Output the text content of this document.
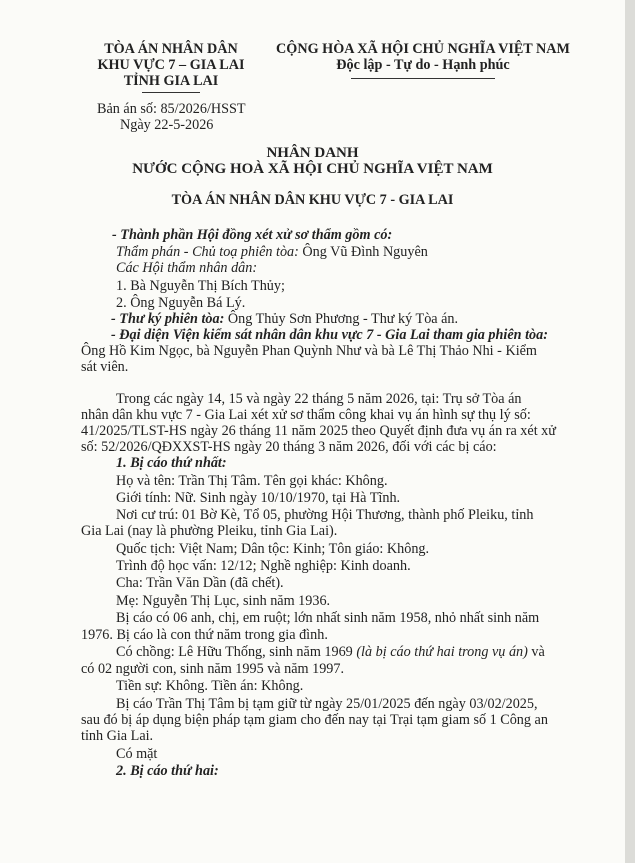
TÒA ÁN NHÂN DÂN
KHU VỰC 7 – GIA LAI
TỈNH GIA LAI
CỘNG HÒA XÃ HỘI CHỦ NGHĨA VIỆT NAM
Độc lập - Tự do - Hạnh phúc
Bản án số: 85/2026/HSST
Ngày 22-5-2026
NHÂN DANH
NƯỚC CỘNG HOÀ XÃ HỘI CHỦ NGHĨA VIỆT NAM
TÒA ÁN NHÂN DÂN KHU VỰC 7 - GIA LAI
- Thành phần Hội đồng xét xử sơ thẩm gồm có:
Thẩm phán - Chủ toạ phiên tòa: Ông Vũ Đình Nguyên
Các Hội thẩm nhân dân:
1. Bà Nguyễn Thị Bích Thủy;
2. Ông Nguyễn Bá Lý.
- Thư ký phiên tòa: Ông Thủy Sơn Phương - Thư ký Tòa án.
- Đại diện Viện kiểm sát nhân dân khu vực 7 - Gia Lai tham gia phiên tòa:
Ông Hồ Kim Ngọc, bà Nguyễn Phan Quỳnh Như và bà Lê Thị Thảo Nhi - Kiểm
sát viên.
Trong các ngày 14, 15 và ngày 22 tháng 5 năm 2026, tại: Trụ sở Tòa án
nhân dân khu vực 7 - Gia Lai xét xử sơ thẩm công khai vụ án hình sự thụ lý số:
41/2025/TLST-HS ngày 26 tháng 11 năm 2025 theo Quyết định đưa vụ án ra xét xử
số: 52/2026/QĐXXST-HS ngày 20 tháng 3 năm 2026, đối với các bị cáo:
1. Bị cáo thứ nhất:
Họ và tên: Trần Thị Tâm. Tên gọi khác: Không.
Giới tính: Nữ. Sinh ngày 10/10/1970, tại Hà Tĩnh.
Nơi cư trú: 01 Bờ Kè, Tổ 05, phường Hội Thương, thành phố Pleiku, tỉnh
Gia Lai (nay là phường Pleiku, tỉnh Gia Lai).
Quốc tịch: Việt Nam; Dân tộc: Kinh; Tôn giáo: Không.
Trình độ học vấn: 12/12; Nghề nghiệp: Kinh doanh.
Cha: Trần Văn Dần (đã chết).
Mẹ: Nguyễn Thị Lục, sinh năm 1936.
Bị cáo có 06 anh, chị, em ruột; lớn nhất sinh năm 1958, nhỏ nhất sinh năm
1976. Bị cáo là con thứ năm trong gia đình.
Có chồng: Lê Hữu Thống, sinh năm 1969 (là bị cáo thứ hai trong vụ án) và
có 02 người con, sinh năm 1995 và năm 1997.
Tiền sự: Không. Tiền án: Không.
Bị cáo Trần Thị Tâm bị tạm giữ từ ngày 25/01/2025 đến ngày 03/02/2025,
sau đó bị áp dụng biện pháp tạm giam cho đến nay tại Trại tạm giam số 1 Công an
tỉnh Gia Lai.
Có mặt
2. Bị cáo thứ hai:
